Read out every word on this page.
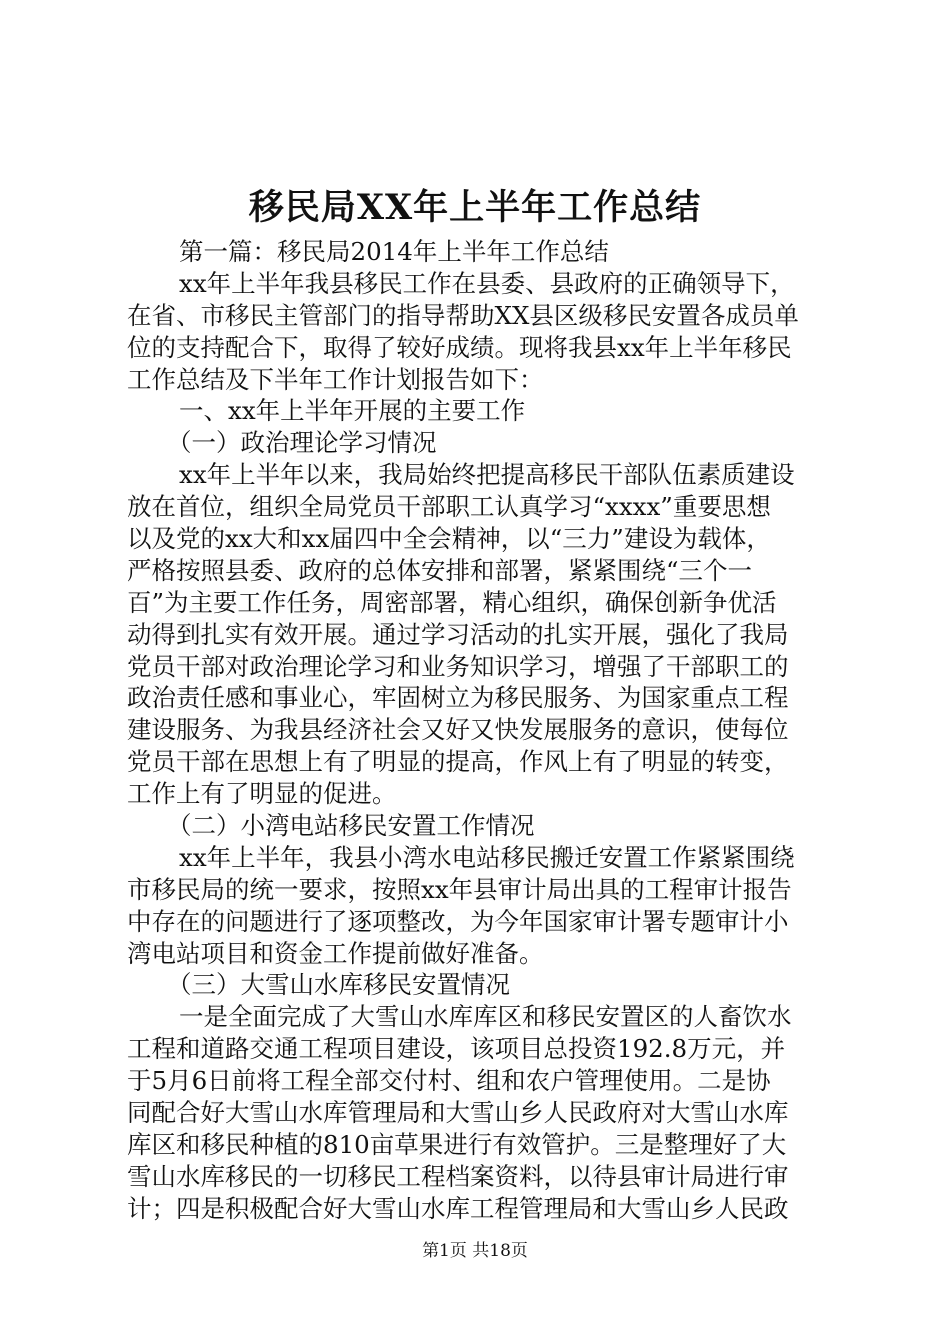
移民局XX年上半年工作总结
第一篇：移民局2014年上半年工作总结
xx年上半年我县移民工作在县委、县政府的正确领导下，
在省、市移民主管部门的指导帮助XX县区级移民安置各成员单
位的支持配合下，取得了较好成绩。现将我县xx年上半年移民
工作总结及下半年工作计划报告如下：
一、xx年上半年开展的主要工作
（一）政治理论学习情况
xx年上半年以来，我局始终把提高移民干部队伍素质建设
放在首位，组织全局党员干部职工认真学习“xxxx”重要思想
以及党的xx大和xx届四中全会精神，以“三力”建设为载体，
严格按照县委、政府的总体安排和部署，紧紧围绕“三个一
百”为主要工作任务，周密部署，精心组织，确保创新争优活
动得到扎实有效开展。通过学习活动的扎实开展，强化了我局
党员干部对政治理论学习和业务知识学习，增强了干部职工的
政治责任感和事业心，牢固树立为移民服务、为国家重点工程
建设服务、为我县经济社会又好又快发展服务的意识，使每位
党员干部在思想上有了明显的提高，作风上有了明显的转变，
工作上有了明显的促进。
（二）小湾电站移民安置工作情况
xx年上半年，我县小湾水电站移民搬迁安置工作紧紧围绕
市移民局的统一要求，按照xx年县审计局出具的工程审计报告
中存在的问题进行了逐项整改，为今年国家审计署专题审计小
湾电站项目和资金工作提前做好准备。
（三）大雪山水库移民安置情况
一是全面完成了大雪山水库库区和移民安置区的人畜饮水
工程和道路交通工程项目建设，该项目总投资192.8万元，并
于5月6日前将工程全部交付村、组和农户管理使用。二是协
同配合好大雪山水库管理局和大雪山乡人民政府对大雪山水库
库区和移民种植的810亩草果进行有效管护。三是整理好了大
雪山水库移民的一切移民工程档案资料，以待县审计局进行审
计；四是积极配合好大雪山水库工程管理局和大雪山乡人民政
第1页 共18页
